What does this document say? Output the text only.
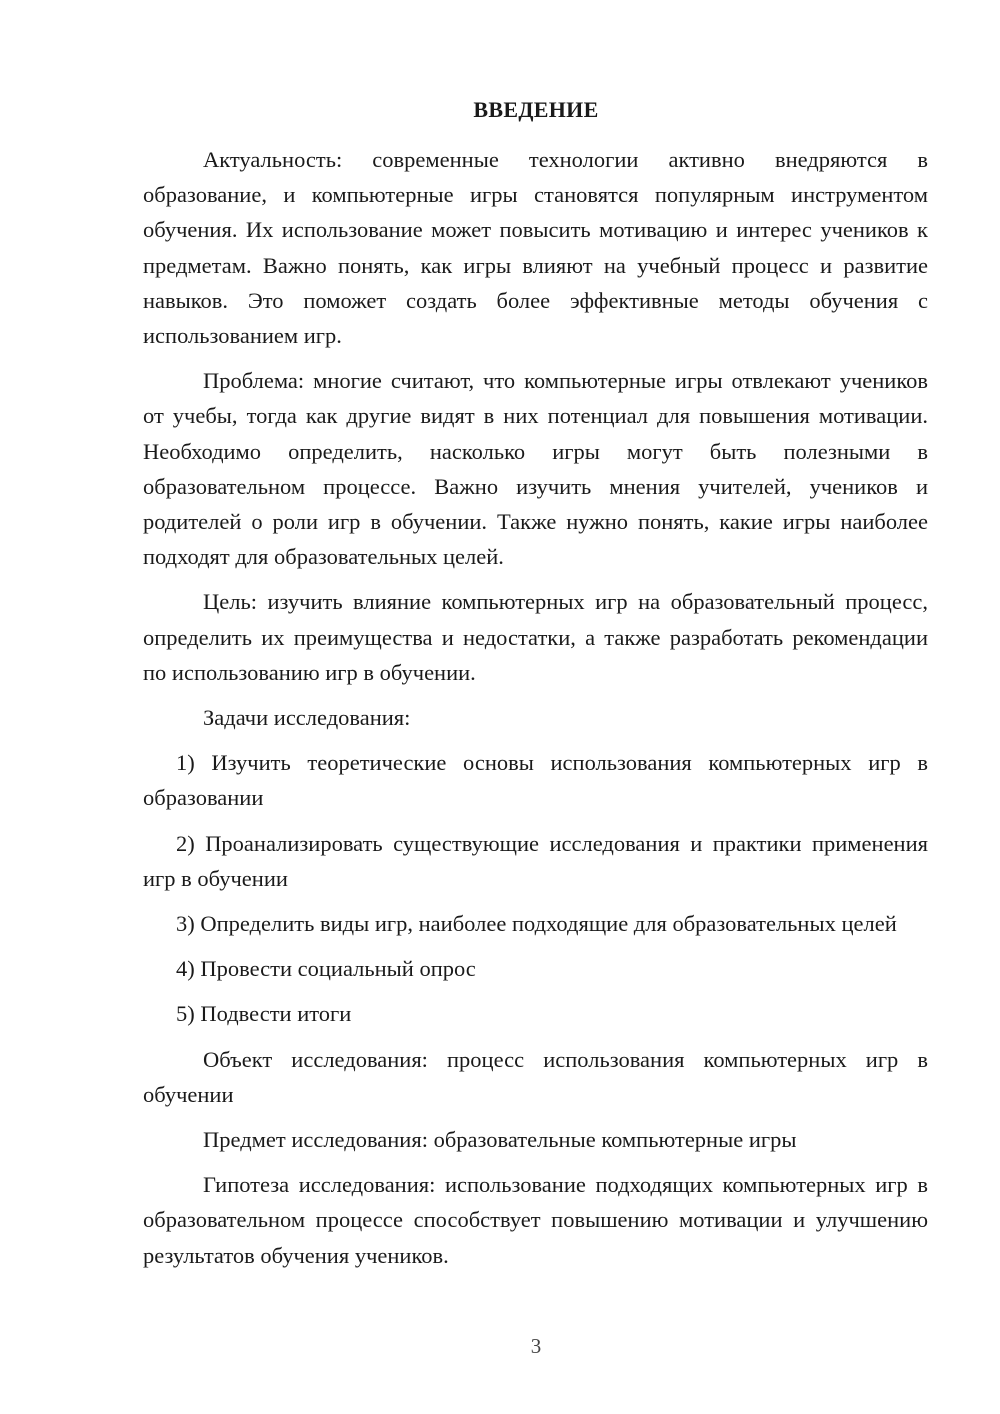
ВВЕДЕНИЕ

Актуальность: современные технологии активно внедряются в образование, и компьютерные игры становятся популярным инструментом обучения. Их использование может повысить мотивацию и интерес учеников к предметам. Важно понять, как игры влияют на учебный процесс и развитие навыков. Это поможет создать более эффективные методы обучения с использованием игр.

Проблема: многие считают, что компьютерные игры отвлекают учеников от учебы, тогда как другие видят в них потенциал для повышения мотивации. Необходимо определить, насколько игры могут быть полезными в образовательном процессе. Важно изучить мнения учителей, учеников и родителей о роли игр в обучении. Также нужно понять, какие игры наиболее подходят для образовательных целей.

Цель: изучить влияние компьютерных игр на образовательный процесс, определить их преимущества и недостатки, а также разработать рекомендации по использованию игр в обучении.

Задачи исследования:

1) Изучить теоретические основы использования компьютерных игр в образовании

2) Проанализировать существующие исследования и практики применения игр в обучении

3) Определить виды игр, наиболее подходящие для образовательных целей

4) Провести социальный опрос

5) Подвести итоги

Объект исследования: процесс использования компьютерных игр в обучении

Предмет исследования: образовательные компьютерные игры

Гипотеза исследования: использование подходящих компьютерных игр в образовательном процессе способствует повышению мотивации и улучшению результатов обучения учеников.

3
